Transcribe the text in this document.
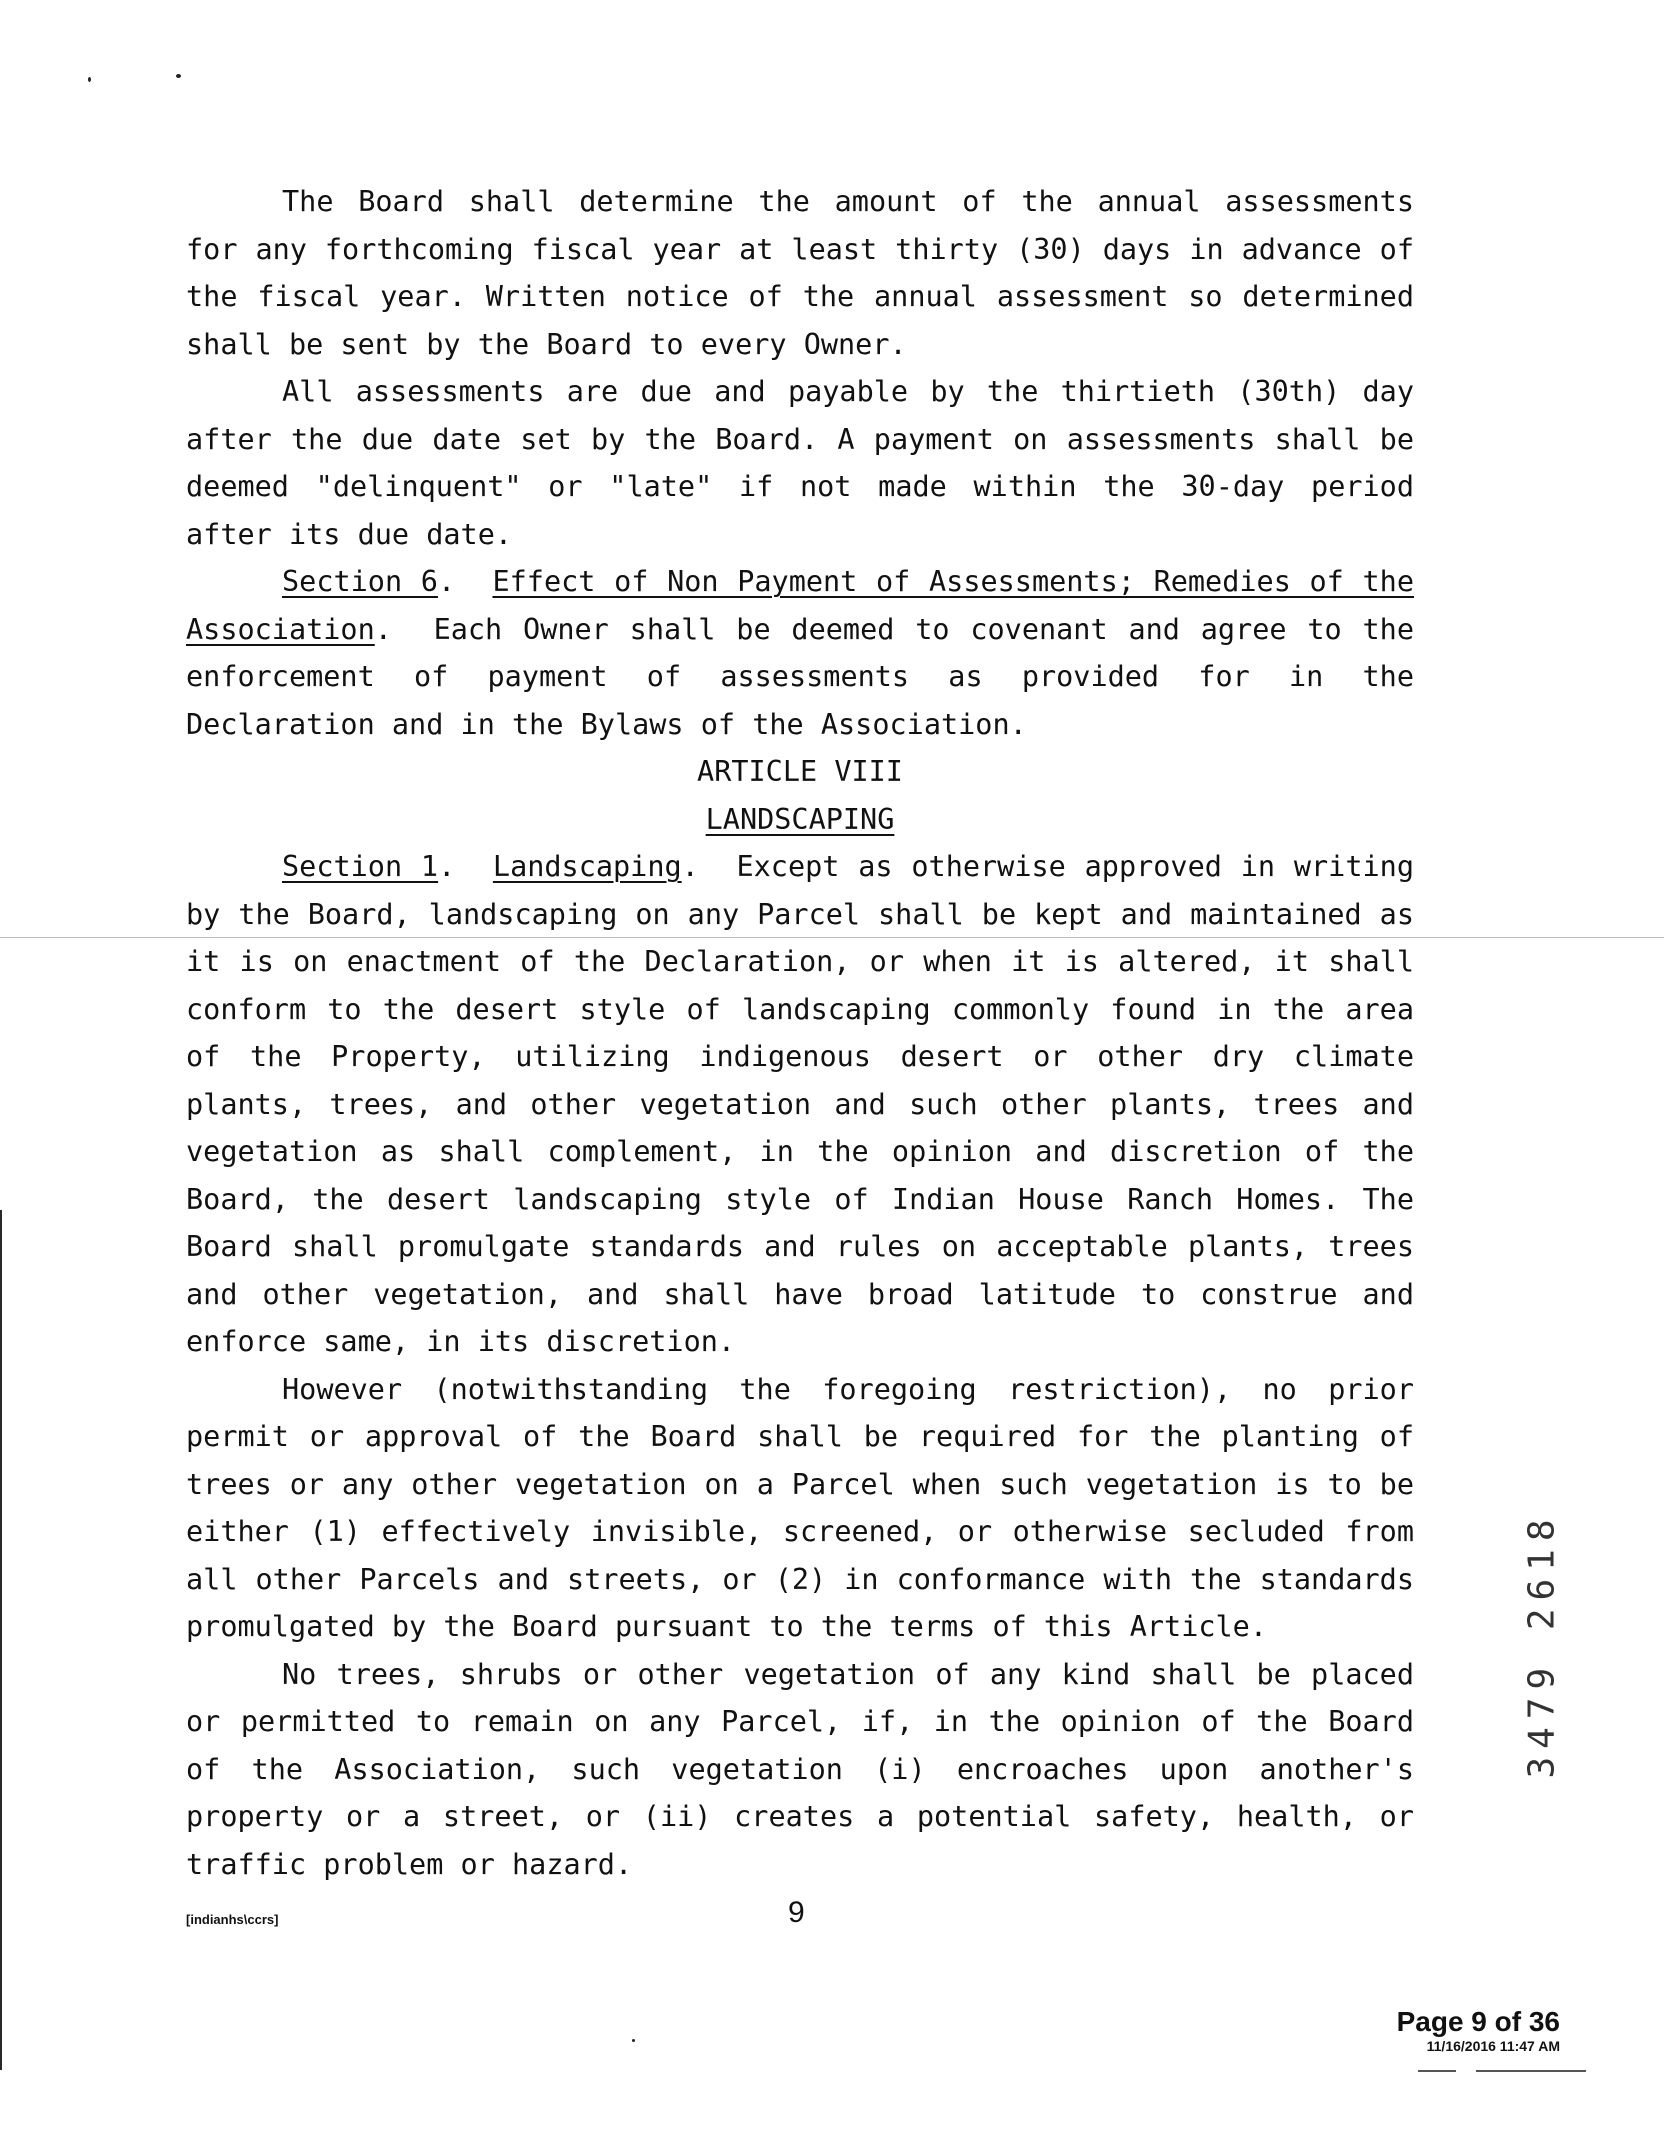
The Board shall determine the amount of the annual assessments for any forthcoming fiscal year at least thirty (30) days in advance of the fiscal year. Written notice of the annual assessment so determined shall be sent by the Board to every Owner.

All assessments are due and payable by the thirtieth (30th) day after the due date set by the Board. A payment on assessments shall be deemed "delinquent" or "late" if not made within the 30-day period after its due date.

Section 6.  Effect of Non Payment of Assessments; Remedies of the

Association.  Each Owner shall be deemed to covenant and agree to the enforcement of payment of assessments as provided for in the Declaration and in the Bylaws of the Association.

ARTICLE VIII

LANDSCAPING

Section 1.  Landscaping.  Except as otherwise approved in writing by the Board, landscaping on any Parcel shall be kept and maintained as it is on enactment of the Declaration, or when it is altered, it shall conform to the desert style of landscaping commonly found in the area of the Property, utilizing indigenous desert or other dry climate plants, trees, and other vegetation and such other plants, trees and vegetation as shall complement, in the opinion and discretion of the Board, the desert landscaping style of Indian House Ranch Homes. The Board shall promulgate standards and rules on acceptable plants, trees and other vegetation, and shall have broad latitude to construe and enforce same, in its discretion.

However (notwithstanding the foregoing restriction), no prior permit or approval of the Board shall be required for the planting of trees or any other vegetation on a Parcel when such vegetation is to be either (1) effectively invisible, screened, or otherwise secluded from all other Parcels and streets, or (2) in conformance with the standards promulgated by the Board pursuant to the terms of this Article.

No trees, shrubs or other vegetation of any kind shall be placed or permitted to remain on any Parcel, if, in the opinion of the Board of the Association, such vegetation (i) encroaches upon another's property or a street, or (ii) creates a potential safety, health, or traffic problem or hazard.

3479 2618
[indianhs\ccrs]	9
Page 9 of 36
11/16/2016 11:47 AM
